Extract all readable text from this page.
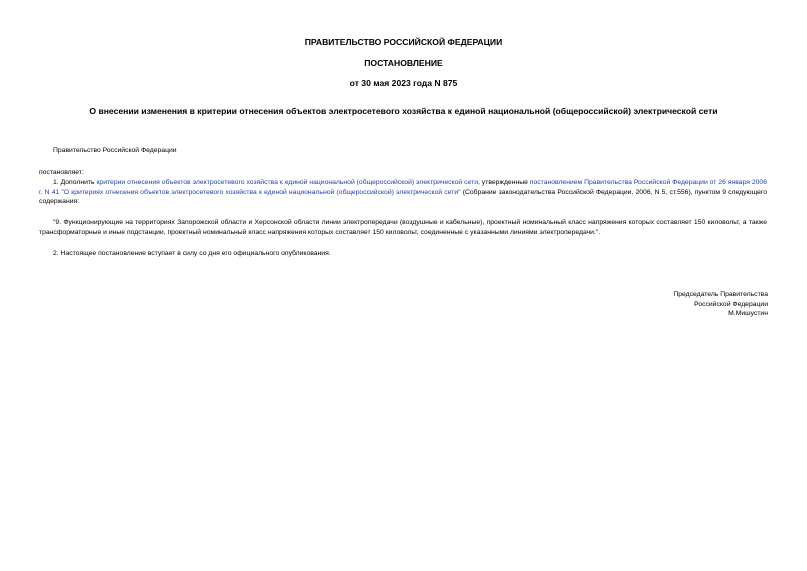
ПРАВИТЕЛЬСТВО РОССИЙСКОЙ ФЕДЕРАЦИИ
ПОСТАНОВЛЕНИЕ
от 30 мая 2023 года N 875
О внесении изменения в критерии отнесения объектов электросетевого хозяйства к единой национальной (общероссийской) электрической сети
Правительство Российской Федерации
постановляет:
1. Дополнить критерии отнесения объектов электросетевого хозяйства к единой национальной (общероссийской) электрической сети, утвержденные постановлением Правительства Российской Федерации от 26 января 2006 г. N 41 "О критериях отнесения объектов электросетевого хозяйства к единой национальной (общероссийской) электрической сети" (Собрание законодательства Российской Федерации, 2006, N 5, ст.556), пунктом 9 следующего содержания:
"9. Функционирующие на территориях Запорожской области и Херсонской области линии электропередачи (воздушные и кабельные), проектный номинальный класс напряжения которых составляет 150 киловольт, а также трансформаторные и иные подстанции, проектный номинальный класс напряжения которых составляет 150 киловольт, соединенные с указанными линиями электропередачи.".
2. Настоящее постановление вступает в силу со дня его официального опубликования.
Председатель Правительства
Российской Федерации
М.Мишустин
